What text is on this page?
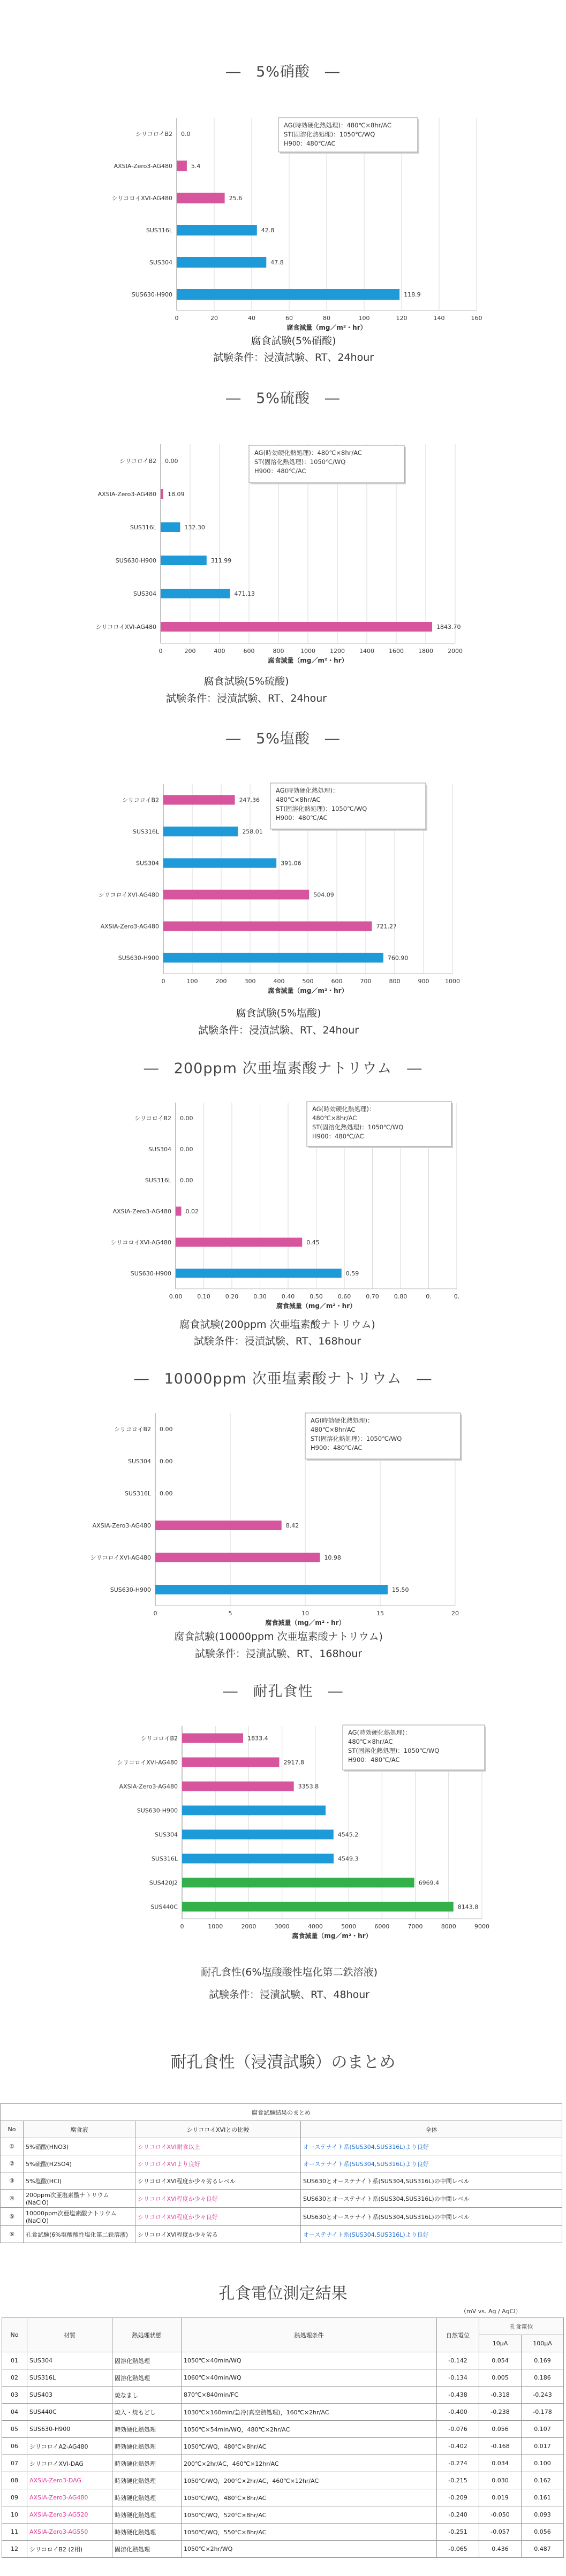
―　5%硝酸　―
―　5%硫酸　―
―　5%塩酸　―
―　200ppm 次亜塩素酸ナトリウム　―
―　10000ppm 次亜塩素酸ナトリウム　―
―　耐孔食性　―
0	20	40	60	80	100	120	140	160
シリコロイB2 0.0
AXSIA-Zero3-AG480	5.4
シリコロイXVI-AG480	25.6
SUS316L	42.8
SUS304	47.8
SUS630-H900	118.9
腐食減量（mg／m²・hr）
AG(時効硬化熱処理)：480℃×8hr/AC
ST(固溶化熱処理)：1050℃/WQ
H900：480℃/AC
0	200	400	600	800	1000 1200 1400 1600 1800 2000
シリコロイB2 0.00
AXSIA-Zero3-AG480 18.09
SUS316L	132.30
SUS630-H900	311.99
SUS304	471.13
シリコロイXVI-AG480	1843.70
腐食減量（mg／m²・hr）
AG(時効硬化熱処理)：480℃×8hr/AC
ST(固溶化熱処理)：1050℃/WQ
H900：480℃/AC
0	100	200	300	400	500	600	700	800	900	1000
シリコロイB2	247.36
SUS316L	258.01
SUS304	391.06
シリコロイXVI-AG480	504.09
AXSIA-Zero3-AG480	721.27
SUS630-H900	760.90
腐食減量（mg／m²・hr）
AG(時効硬化熱処理)：
480℃×8hr/AC
ST(固溶化熱処理)：1050℃/WQ
H900：480℃/AC
0.00	0.10	0.20	0.30	0.40	0.50	0.60	0.70	0.80	0.	0.
シリコロイB2 0.00
SUS304 0.00
SUS316L 0.00
AXSIA-Zero3-AG480 0.02
シリコロイXVI-AG480	0.45
SUS630-H900	0.59
腐食減量（mg／m²・hr）
AG(時効硬化熱処理)：
480℃×8hr/AC
ST(固溶化熱処理)：1050℃/WQ
H900：480℃/AC
0	5	10	15	20
シリコロイB2 0.00
SUS304 0.00
SUS316L 0.00
AXSIA-Zero3-AG480	8.42
シリコロイXVI-AG480	10.98
SUS630-H900	15.50
腐食減量（mg／m²・hr）
AG(時効硬化熱処理)：
480℃×8hr/AC
ST(固溶化熱処理)：1050℃/WQ
H900：480℃/AC
0	1000	2000	3000	4000	5000	6000	7000	8000	9000
シリコロイB2	1833.4
シリコロイXVI-AG480	2917.8
AXSIA-Zero3-AG480	3353.8
SUS630-H900
SUS304	4545.2
SUS316L	4549.3
SUS420J2	6969.4
SUS440C	8143.8
腐食減量（mg／m²・hr）
AG(時効硬化熱処理)：
480℃×8hr/AC
ST(固溶化熱処理)：1050℃/WQ
H900：480℃/AC
腐食試験(5%硝酸)
試験条件：浸漬試験、RT、24hour
腐食試験(5%硫酸)
試験条件：浸漬試験、RT、24hour
腐食試験(5%塩酸)
試験条件：浸漬試験、RT、24hour
腐食試験(200ppm 次亜塩素酸ナトリウム)
試験条件：浸漬試験、RT、168hour
腐食試験(10000ppm 次亜塩素酸ナトリウム)
試験条件：浸漬試験、RT、168hour
耐孔食性(6%塩酸酸性塩化第二鉄溶液)
試験条件：浸漬試験、RT、48hour
耐孔食性（浸漬試験）のまとめ
腐食試験結果のまとめ			
No	腐食液	シリコロイXVIとの比較	全体
①	5%硝酸(HNO3)	シリコロイXVI耐食以上	オーステナイト系(SUS304,SUS316L)より良好
②	5%硫酸(H2SO4)	シリコロイXVIより良好	オーステナイト系(SUS304,SUS316L)より良好
③	5%塩酸(HCl)	シリコロイXVI程度か少々劣るレベル	SUS630とオーステナイト系(SUS304,SUS316L)の中間レベル
④	200ppm次亜塩素酸ナトリウム (NaClO)	シリコロイXVI程度か少々良好	SUS630とオーステナイト系(SUS304,SUS316L)の中間レベル
⑤	10000ppm次亜塩素酸ナトリウム (NaClO)	シリコロイXVI程度か少々良好	SUS630とオーステナイト系(SUS304,SUS316L)の中間レベル
⑥	孔食試験(6%塩酸酸性塩化第二鉄溶液)	シリコロイXVI程度か少々劣る	オーステナイト系(SUS304,SUS316L)より良好
孔食電位測定結果
（mV vs. Ag / AgCl）
No	材質	熱処理状態	熱処理条件	自然電位	孔食電位	
					10μA	100μA
01	SUS304	固溶化熱処理	1050℃×40min/WQ	-0.142	0.054	0.169
02	SUS316L	固溶化熱処理	1060℃×40min/WQ	-0.134	0.005	0.186
03	SUS403	焼なまし	870℃×840min/FC	-0.438	-0.318	-0.243
04	SUS440C	焼入・焼もどし	1030℃×160min/急冷(真空熱処理)，160℃×2hr/AC	-0.400	-0.238	-0.178
05	SUS630-H900	時効硬化熱処理	1050℃×54min/WQ，480℃×2hr/AC	-0.076	0.056	0.107
06	シリコロイA2-AG480	時効硬化熱処理	1050℃/WQ，480℃×8hr/AC	-0.402	-0.168	0.017
07	シリコロイXVI-DAG	時効硬化熱処理	200℃×2hr/AC，460℃×12hr/AC	-0.274	0.034	0.100
08	AXSIA-Zero3-DAG	時効硬化熱処理	1050℃/WQ，200℃×2hr/AC，460℃×12hr/AC	-0.215	0.030	0.162
09	AXSIA-Zero3-AG480	時効硬化熱処理	1050℃/WQ，480℃×8hr/AC	-0.209	0.019	0.161
10	AXSIA-Zero3-AG520	時効硬化熱処理	1050℃/WQ，520℃×8hr/AC	-0.240	-0.050	0.093
11	AXSIA-Zero3-AG550	時効硬化熱処理	1050℃/WQ，550℃×8hr/AC	-0.251	-0.057	0.056
12	シリコロイB2 (2相)	固溶化熱処理	1050℃×2hr/WQ	-0.065	0.436	0.487
